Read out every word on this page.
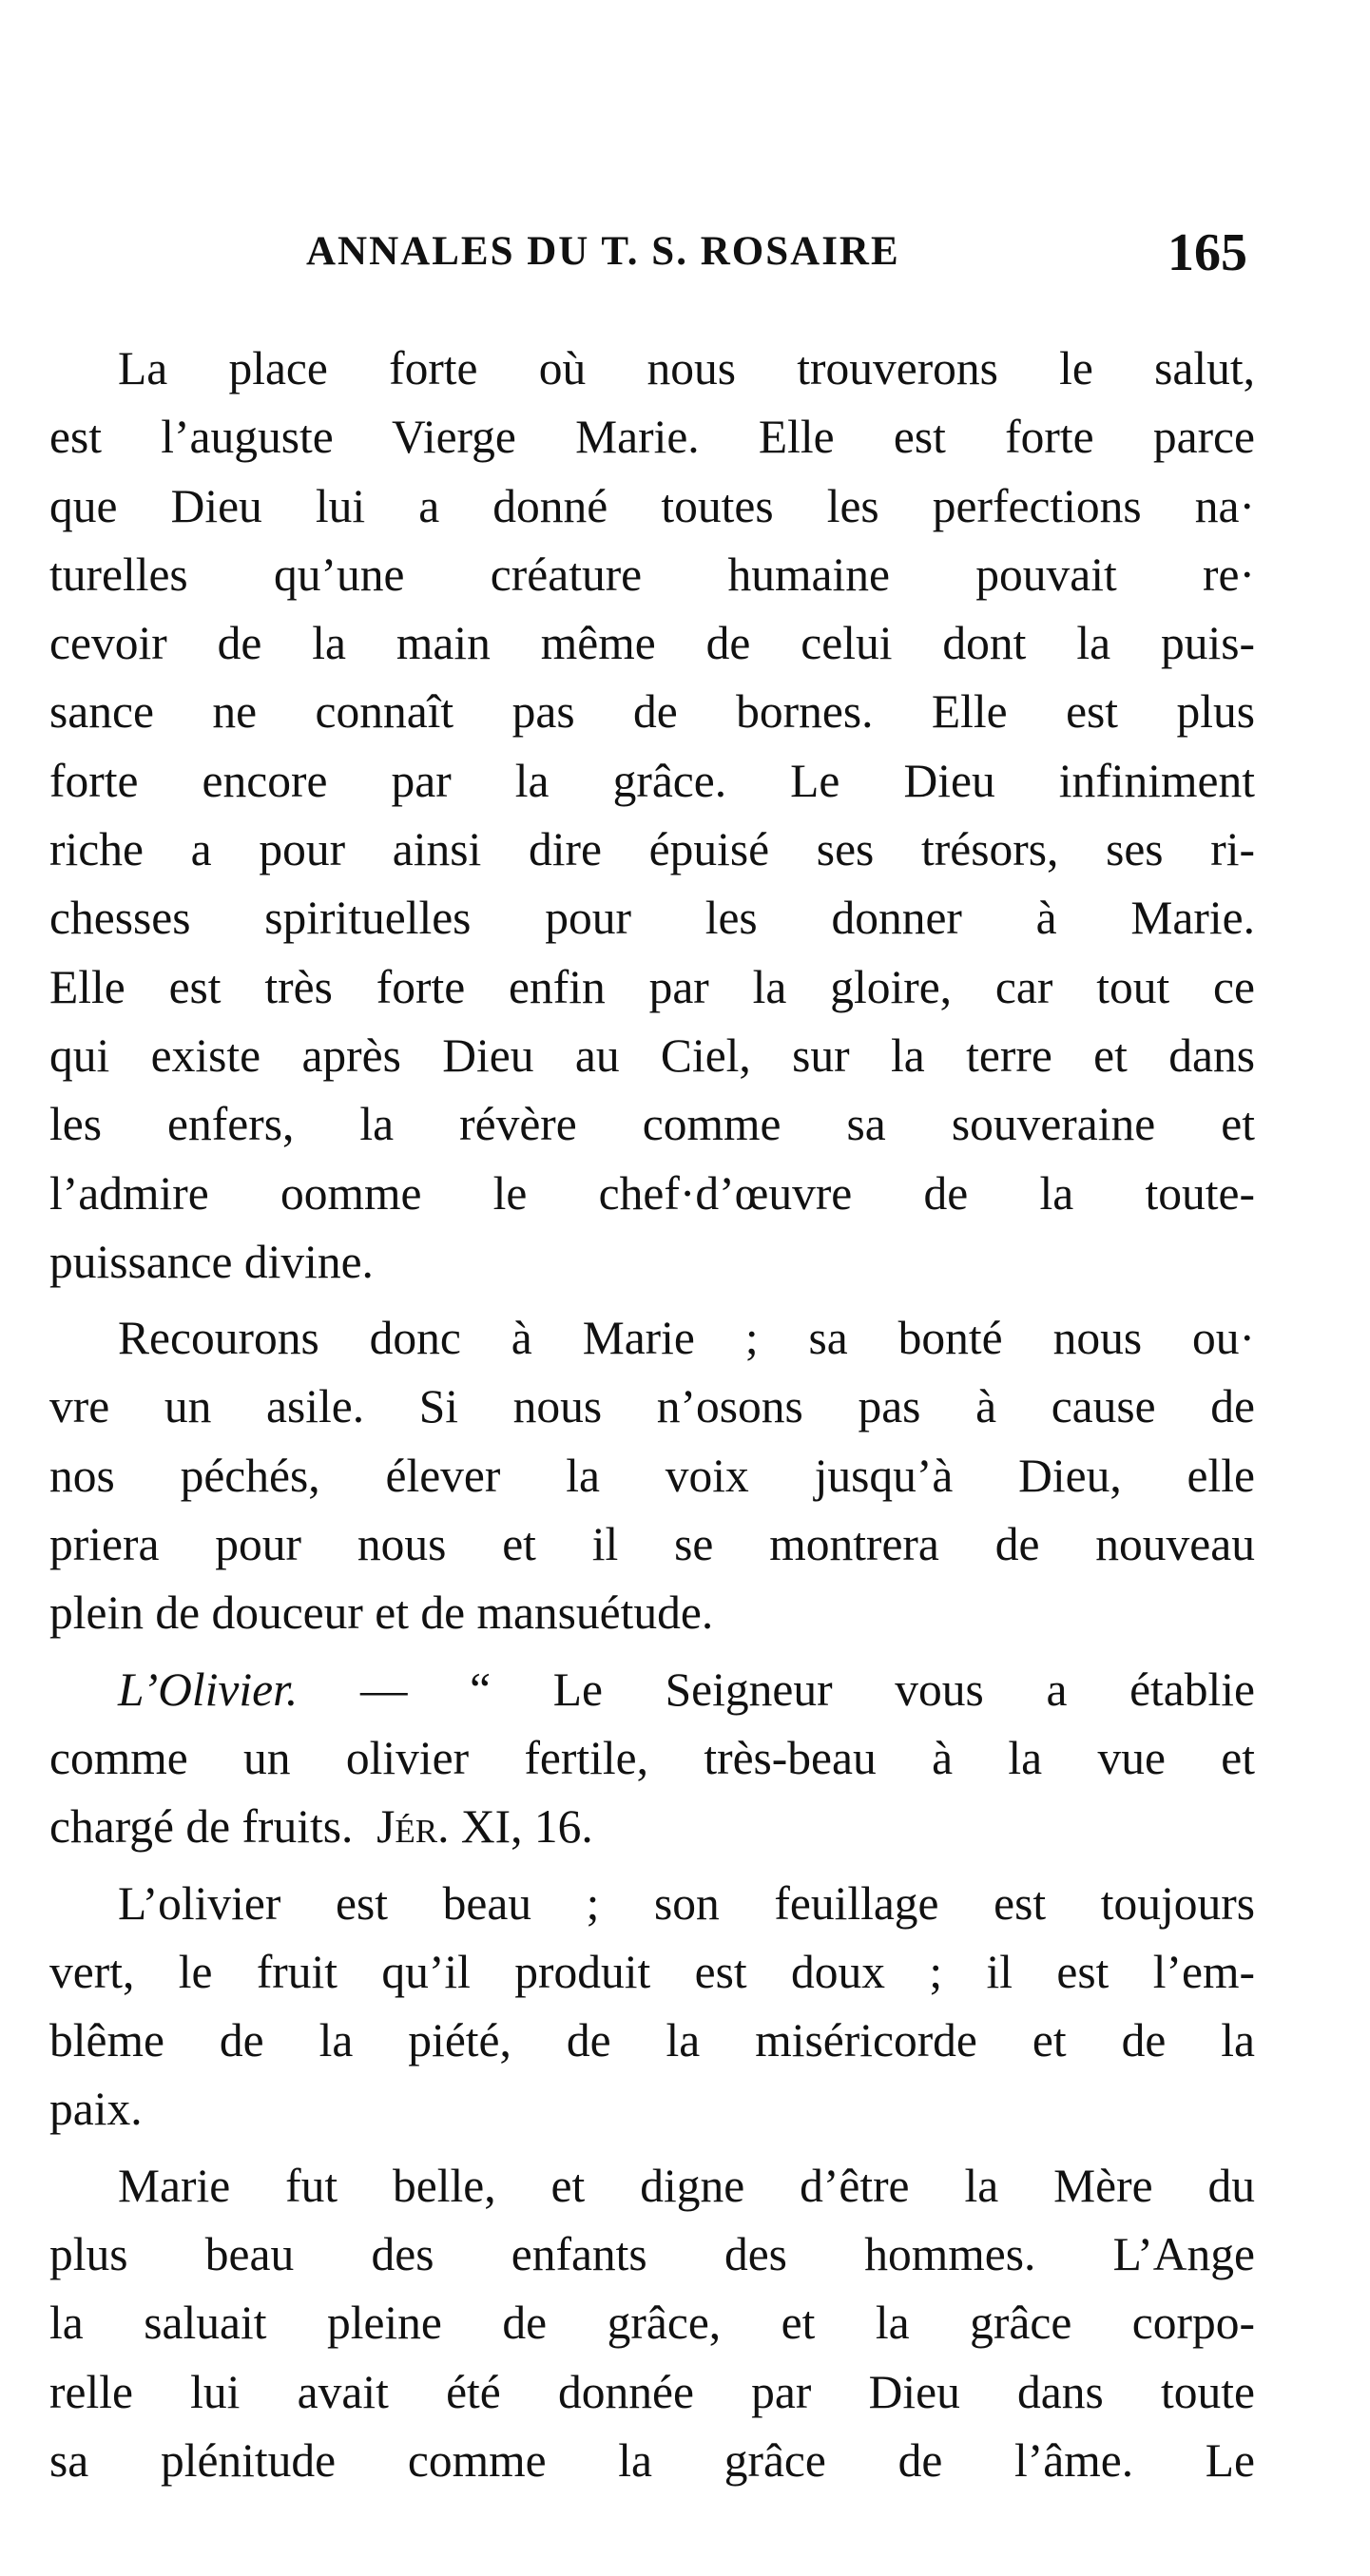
ANNALES DU T. S. ROSAIRE	165
La place forte où nous trouverons le salut,
est l’auguste Vierge Marie. Elle est forte parce
que Dieu lui a donné toutes les perfections na·
turelles qu’une créature humaine pouvait re·
cevoir de la main même de celui dont la puis-
sance ne connaît pas de bornes. Elle est plus
forte encore par la grâce. Le Dieu infiniment
riche a pour ainsi dire épuisé ses trésors, ses ri-
chesses spirituelles pour les donner à Marie.
Elle est très forte enfin par la gloire, car tout ce
qui existe après Dieu au Ciel, sur la terre et dans
les enfers, la révère comme sa souveraine et
l’admire oomme le chef·d’œuvre de la toute-
puissance divine.
Recourons donc à Marie ; sa bonté nous ou·
vre un asile. Si nous n’osons pas à cause de
nos péchés, élever la voix jusqu’à Dieu, elle
priera pour nous et il se montrera de nouveau
plein de douceur et de mansuétude.
L’Olivier. — “ Le Seigneur vous a établie
comme un olivier fertile, très-beau à la vue et
chargé de fruits. Jér. XI, 16.
L’olivier est beau ; son feuillage est toujours
vert, le fruit qu’il produit est doux ; il est l’em-
blême de la piété, de la miséricorde et de la
paix.
Marie fut belle, et digne d’être la Mère du
plus beau des enfants des hommes. L’Ange
la saluait pleine de grâce, et la grâce corpo-
relle lui avait été donnée par Dieu dans toute
sa plénitude comme la grâce de l’âme. Le
